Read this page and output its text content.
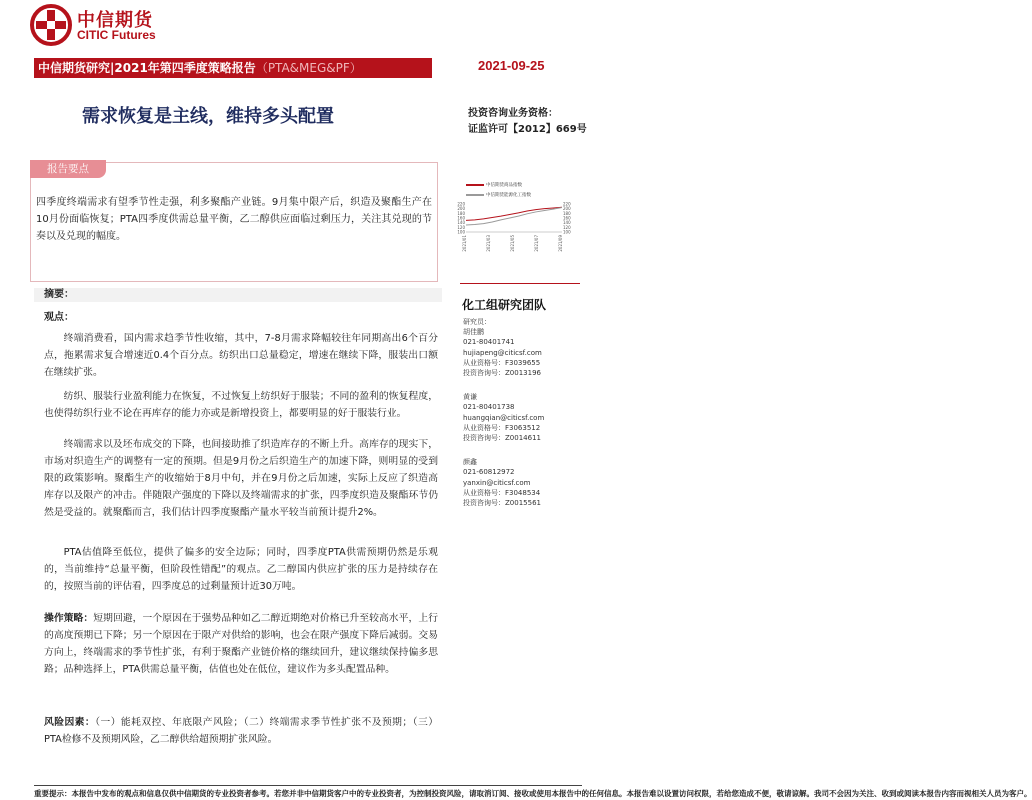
中信期货
CITIC Futures
中信期货研究|2021年第四季度策略报告（PTA&MEG&PF）	2021-09-25
需求恢复是主线，维持多头配置	投资咨询业务资格：
证监许可【2012】669号
报告要点
四季度终端需求有望季节性走强，利多聚酯产业链。9月集中限产后，织造及聚酯生产在10月份面临恢复；PTA四季度供需总量平衡，乙二醇供应面临过剩压力，关注其兑现的节奏以及兑现的幅度。
中信期货商品指数
中信期货能源化工指数
100	100
120	120
140	140
160	160
180	180
200	200
220	220
2021/01	2021/03	2021/05	2021/07	2021/09
化工组研究团队
研究员：
胡佳鹏
021-80401741
hujiapeng@citicsf.com
从业资格号：F3039655
投资咨询号：Z0013196
黄谦
021-80401738
huangqian@citicsf.com
从业资格号：F3063512
投资咨询号：Z0014611
颜鑫
021-60812972
yanxin@citicsf.com
从业资格号：F3048534
投资咨询号：Z0015561
摘要：
观点：
终端消费看，国内需求趋季节性收缩，其中，7-8月需求降幅较往年同期高出6个百分点，拖累需求复合增速近0.4个百分点。纺织出口总量稳定，增速在继续下降，服装出口额在继续扩张。
纺织、服装行业盈利能力在恢复，不过恢复上纺织好于服装；不同的盈利的恢复程度，也使得纺织行业不论在再库存的能力亦或是新增投资上，都要明显的好于服装行业。
终端需求以及坯布成交的下降，也间接助推了织造库存的不断上升。高库存的现实下，市场对织造生产的调整有一定的预期。但是9月份之后织造生产的加速下降，则明显的受到限的政策影响。聚酯生产的收缩始于8月中旬，并在9月份之后加速，实际上反应了织造高库存以及限产的冲击。伴随限产强度的下降以及终端需求的扩张，四季度织造及聚酯环节仍然是受益的。就聚酯而言，我们估计四季度聚酯产量水平较当前预计提升2%。
PTA估值降至低位，提供了偏多的安全边际；同时，四季度PTA供需预期仍然是乐观的，当前维持“总量平衡，但阶段性错配”的观点。乙二醇国内供应扩张的压力是持续存在的，按照当前的评估看，四季度总的过剩量预计近30万吨。
操作策略：短期回避，一个原因在于强势品种如乙二醇近期绝对价格已升至较高水平，上行的高度预期已下降；另一个原因在于限产对供给的影响，也会在限产强度下降后减弱。交易方向上，终端需求的季节性扩张，有利于聚酯产业链价格的继续回升，建议继续保持偏多思路；品种选择上，PTA供需总量平衡，估值也处在低位，建议作为多头配置品种。
风险因素：（一）能耗双控、年底限产风险；（二）终端需求季节性扩张不及预期；（三）PTA检修不及预期风险，乙二醇供给超预期扩张风险。
重要提示：本报告中发布的观点和信息仅供中信期货的专业投资者参考。若您并非中信期货客户中的专业投资者，为控制投资风险，请取消订阅、接收或使用本报告中的任何信息。本报告难以设置访问权限，若给您造成不便，敬请谅解。我司不会因为关注、收到或阅读本报告内容而视相关人员为客户。
